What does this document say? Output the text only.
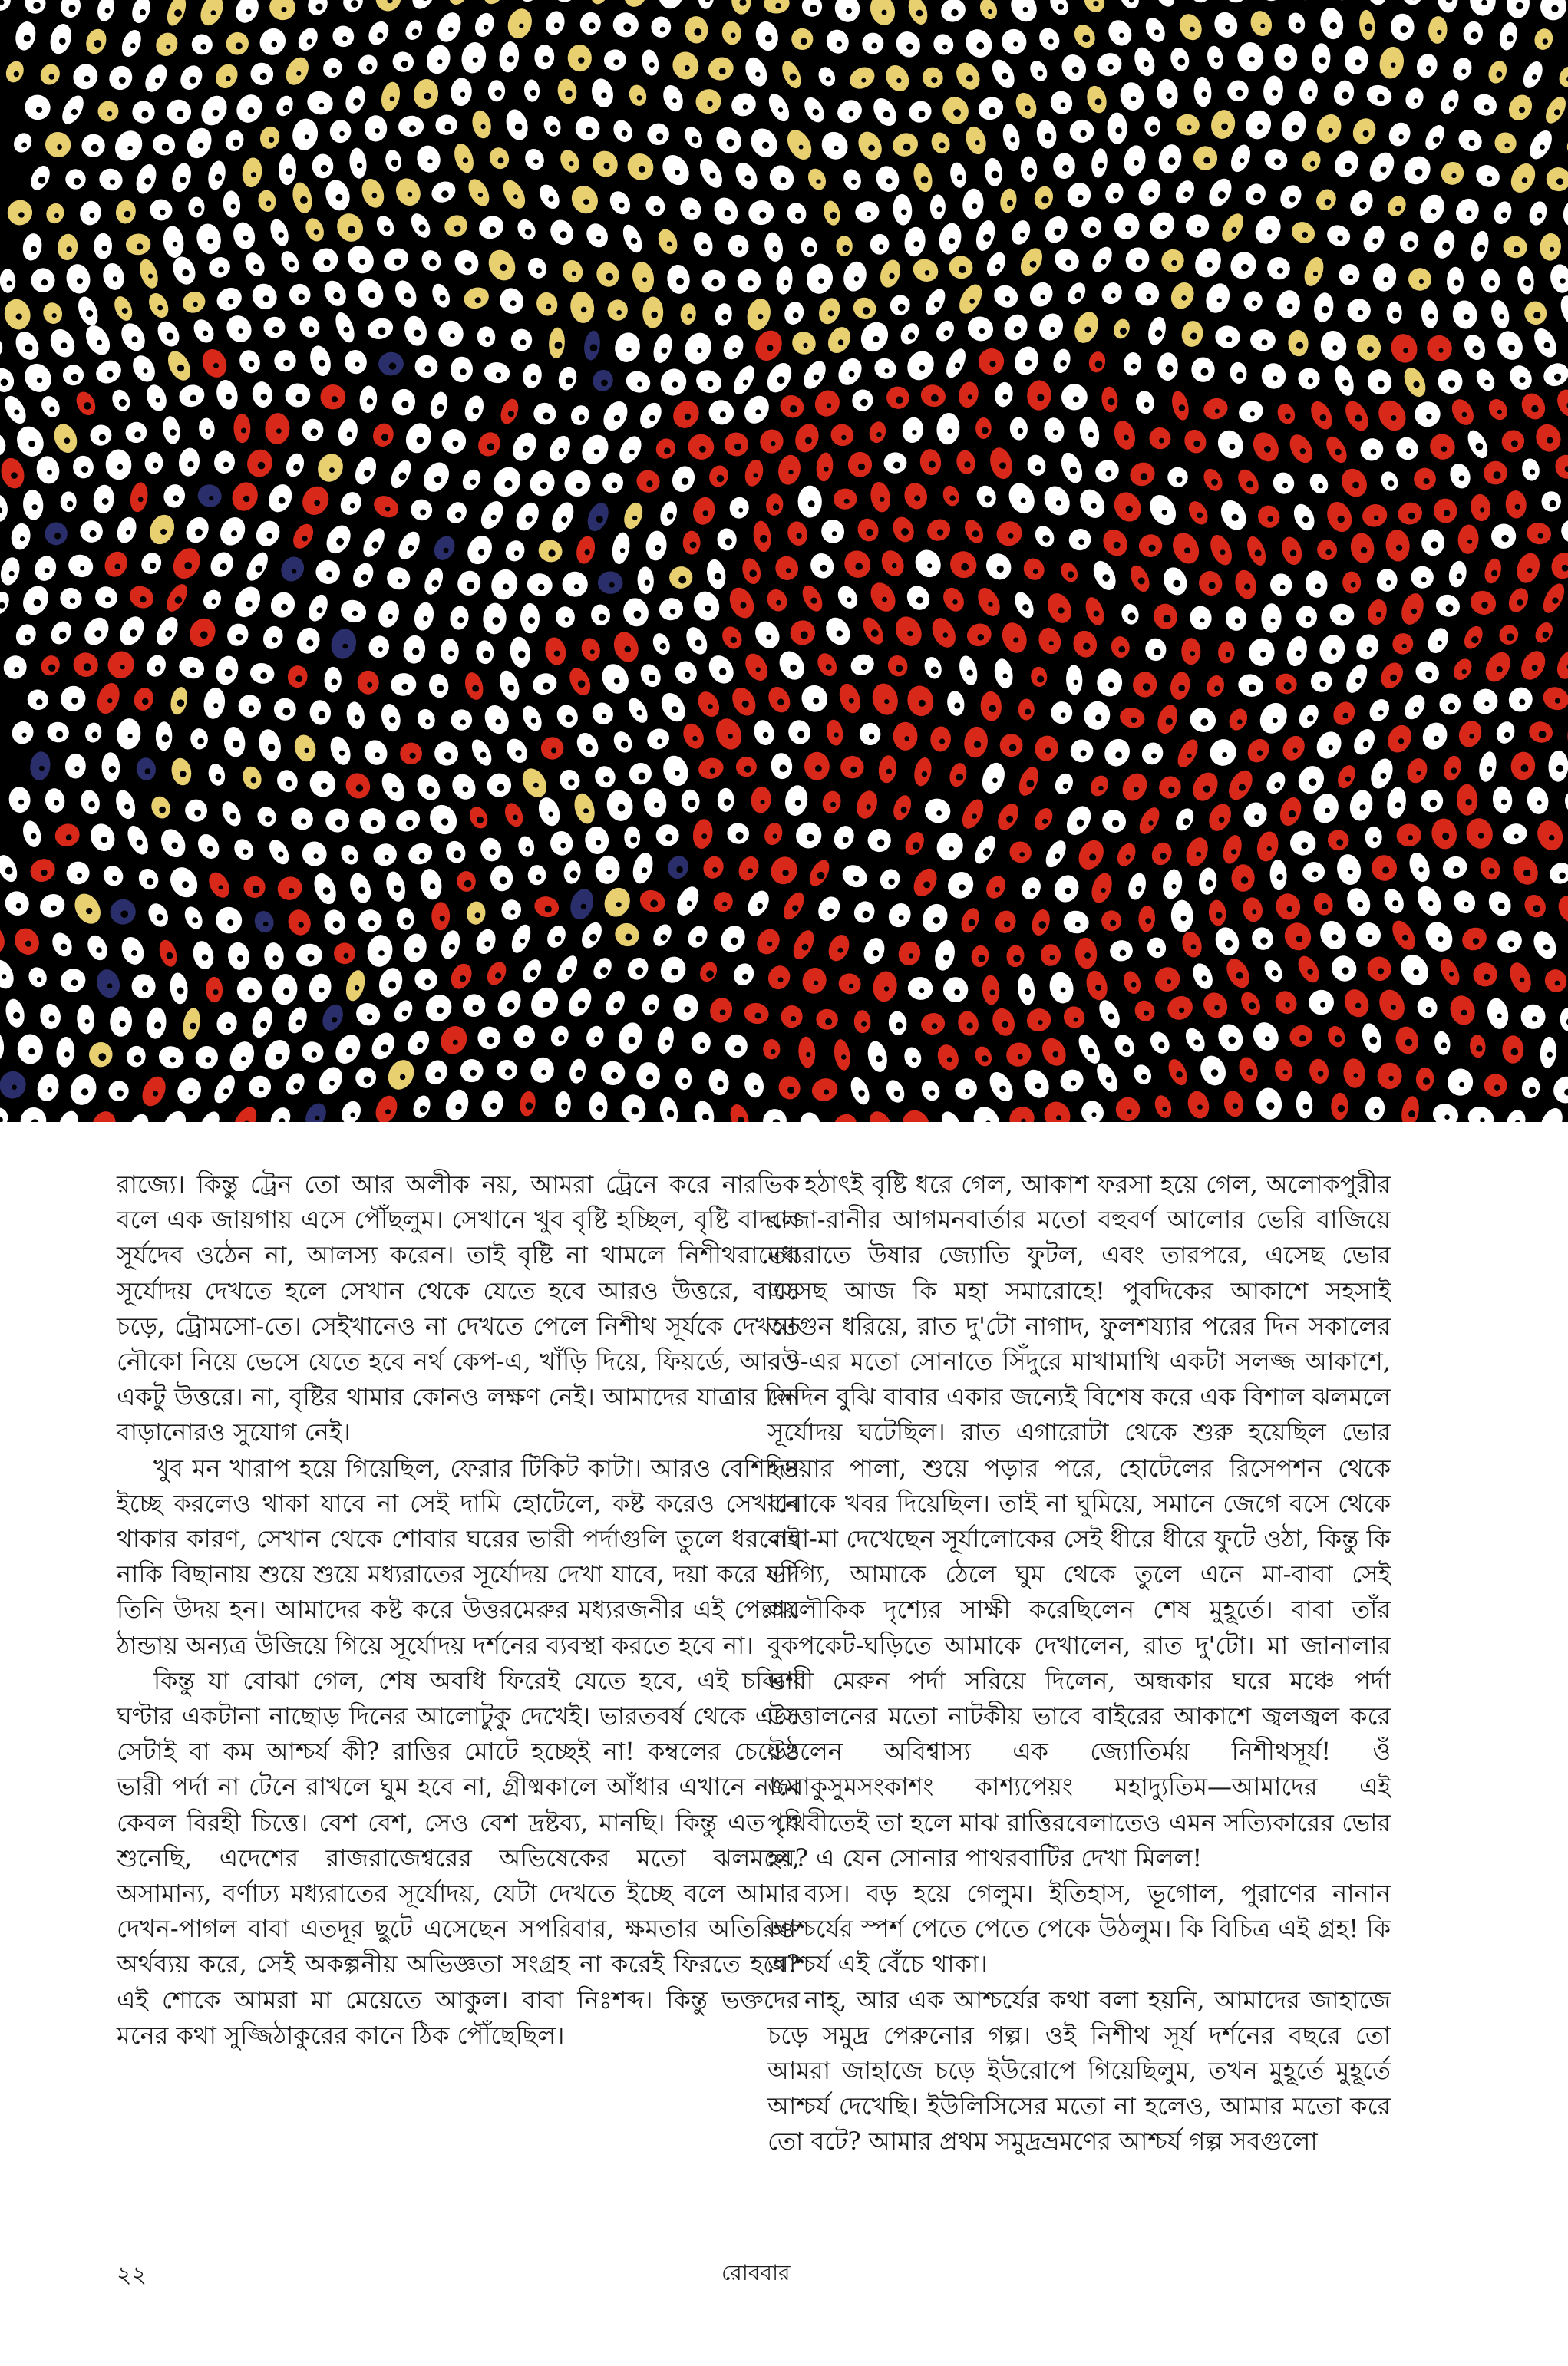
রাজ্যে। কিন্তু ট্রেন তো আর অলীক নয়, আমরা ট্রেনে করে নারভিক বলে এক জায়গায় এসে পৌঁছলুম। সেখানে খুব বৃষ্টি হচ্ছিল, বৃষ্টি বাদলে সূর্যদেব ওঠেন না, আলস্য করেন। তাই বৃষ্টি না থামলে নিশীথরাতের সূর্যোদয় দেখতে হলে সেখান থেকে যেতে হবে আরও উত্তরে, বাসে চড়ে, ট্রোমসো-তে। সেইখানেও না দেখতে পেলে নিশীথ সূর্যকে দেখতে নৌকো নিয়ে ভেসে যেতে হবে নর্থ কেপ-এ, খাঁড়ি দিয়ে, ফিয়র্ডে, আরও একটু উত্তরে। না, বৃষ্টির থামার কোনও লক্ষণ নেই। আমাদের যাত্রার দিন বাড়ানোরও সুযোগ নেই।

খুব মন খারাপ হয়ে গিয়েছিল, ফেরার টিকিট কাটা। আরও বেশিদিন ইচ্ছে করলেও থাকা যাবে না সেই দামি হোটেলে, কষ্ট করেও সেখানে থাকার কারণ, সেখান থেকে শোবার ঘরের ভারী পর্দাগুলি তুলে ধরলেই নাকি বিছানায় শুয়ে শুয়ে মধ্যরাতের সূর্যোদয় দেখা যাবে, দয়া করে যদি তিনি উদয় হন। আমাদের কষ্ট করে উত্তরমেরুর মধ্যরজনীর এই পেল্লায় ঠান্ডায় অন্যত্র উজিয়ে গিয়ে সূর্যোদয় দর্শনের ব্যবস্থা করতে হবে না।

কিন্তু যা বোঝা গেল, শেষ অবধি ফিরেই যেতে হবে, এই চব্বিশ ঘণ্টার একটানা নাছোড় দিনের আলোটুকু দেখেই। ভারতবর্ষ থেকে এসে সেটাই বা কম আশ্চর্য কী? রাত্তির মোটে হচ্ছেই না! কম্বলের চেয়েও ভারী পর্দা না টেনে রাখলে ঘুম হবে না, গ্রীষ্মকালে আঁধার এখানে নামে কেবল বিরহী চিত্তে। বেশ বেশ, সেও বেশ দ্রষ্টব্য, মানছি। কিন্তু এত যে শুনেছি, এদেশের রাজরাজেশ্বরের অভিষেকের মতো ঝলমলে, অসামান্য, বর্ণাঢ্য মধ্যরাতের সূর্যোদয়, যেটা দেখতে ইচ্ছে বলে আমার দেখন-পাগল বাবা এতদূর ছুটে এসেছেন সপরিবার, ক্ষমতার অতিরিক্ত অর্থব্যয় করে, সেই অকল্পনীয় অভিজ্ঞতা সংগ্রহ না করেই ফিরতে হবে? এই শোকে আমরা মা মেয়েতে আকুল। বাবা নিঃশব্দ। কিন্তু ভক্তদের মনের কথা সুজ্জিঠাকুরের কানে ঠিক পৌঁছেছিল।

হঠাৎই বৃষ্টি ধরে গেল, আকাশ ফরসা হয়ে গেল, অলোকপুরীর রাজা-রানীর আগমনবার্তার মতো বহুবর্ণ আলোর ভেরি বাজিয়ে মধ্যরাতে উষার জ্যোতি ফুটল, এবং তারপরে, এসেছ ভোর এসেছ আজ কি মহা সমারোহে! পুবদিকের আকাশে সহসাই আগুন ধরিয়ে, রাত দু'টো নাগাদ, ফুলশয্যার পরের দিন সকালের বউ-এর মতো সোনাতে সিঁদুরে মাখামাখি একটা সলজ্জ আকাশে, সেদিন বুঝি বাবার একার জন্যেই বিশেষ করে এক বিশাল ঝলমলে সূর্যোদয় ঘটেছিল। রাত এগারোটা থেকে শুরু হয়েছিল ভোর হওয়ার পালা, শুয়ে পড়ার পরে, হোটেলের রিসেপশন থেকে বাবাকে খবর দিয়েছিল। তাই না ঘুমিয়ে, সমানে জেগে বসে থেকে বাবা-মা দেখেছেন সূর্যালোকের সেই ধীরে ধীরে ফুটে ওঠা, কিন্তু কি ভাগ্যি, আমাকে ঠেলে ঘুম থেকে তুলে এনে মা-বাবা সেই অলৌকিক দৃশ্যের সাক্ষী করেছিলেন শেষ মুহূর্তে। বাবা তাঁর বুকপকেট-ঘড়িতে আমাকে দেখালেন, রাত দু'টো। মা জানালার ভারী মেরুন পর্দা সরিয়ে দিলেন, অন্ধকার ঘরে মঞ্চে পর্দা উত্তোলনের মতো নাটকীয় ভাবে বাইরের আকাশে জ্বলজ্বল করে উঠলেন অবিশ্বাস্য এক জ্যোতির্ময় নিশীথসূর্য! ওঁ জবাকুসুমসংকাশং কাশ্যপেয়ং মহাদ্যুতিম—আমাদের এই পৃথিবীতেই তা হলে মাঝ রাত্তিরবেলাতেও এমন সত্যিকারের ভোর হয়? এ যেন সোনার পাথরবাটির দেখা মিলল!

ব্যস। বড় হয়ে গেলুম। ইতিহাস, ভূগোল, পুরাণের নানান আশ্চর্যের স্পর্শ পেতে পেতে পেকে উঠলুম। কি বিচিত্র এই গ্রহ! কি আশ্চর্য এই বেঁচে থাকা।

নাহ্, আর এক আশ্চর্যের কথা বলা হয়নি, আমাদের জাহাজে চড়ে সমুদ্র পেরুনোর গল্প। ওই নিশীথ সূর্য দর্শনের বছরে তো আমরা জাহাজে চড়ে ইউরোপে গিয়েছিলুম, তখন মুহূর্তে মুহূর্তে আশ্চর্য দেখেছি। ইউলিসিসের মতো না হলেও, আমার মতো করে তো বটে? আমার প্রথম সমুদ্রভ্রমণের আশ্চর্য গল্প সবগুলো

২২	রোববার
